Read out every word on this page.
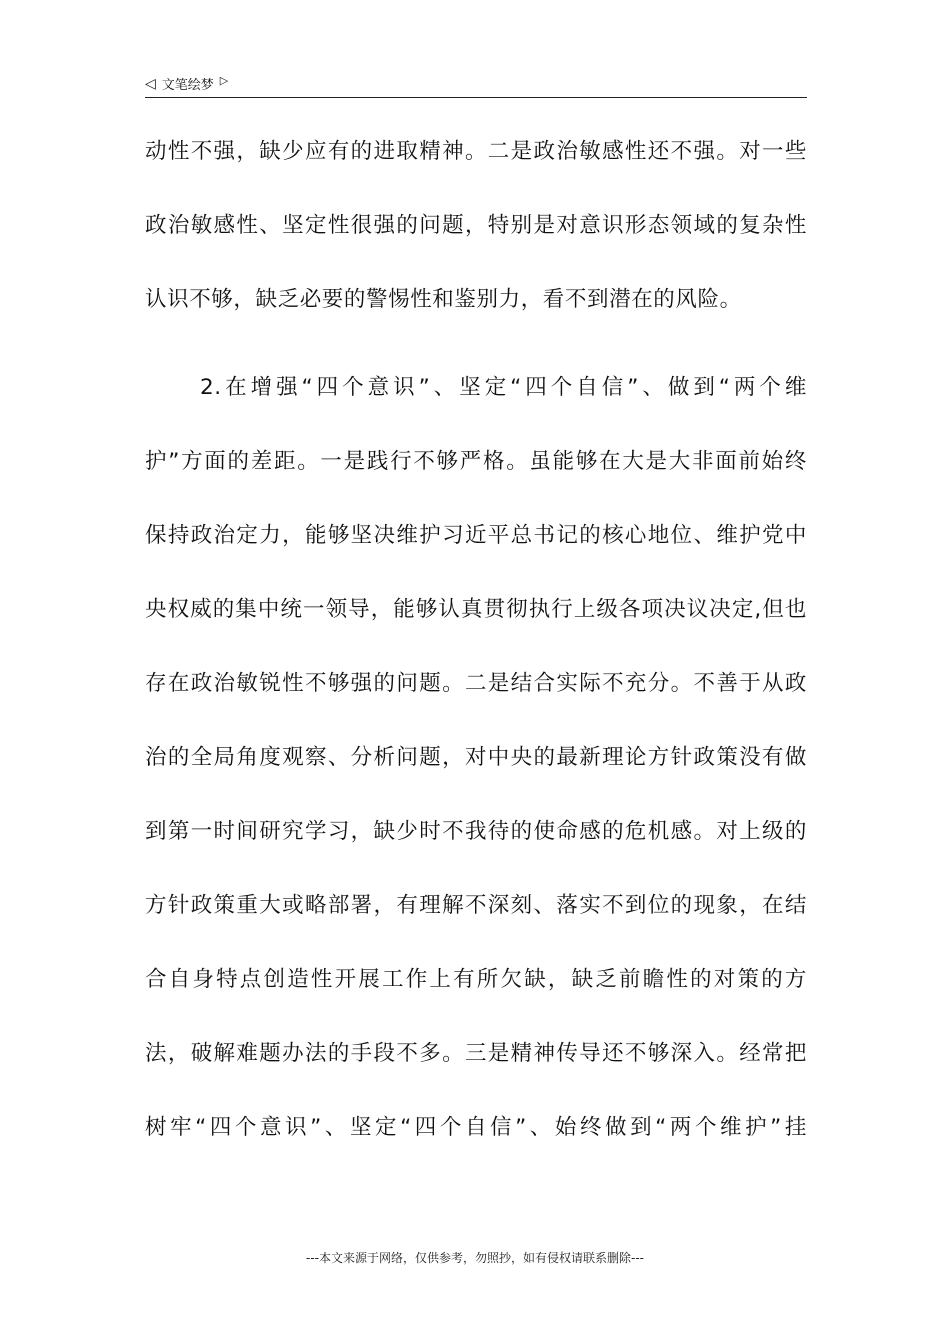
◁ 文笔绘梦 ▷
动性不强，缺少应有的进取精神。二是政治敏感性还不强。对一些
政治敏感性、坚定性很强的问题，特别是对意识形态领域的复杂性
认识不够，缺乏必要的警惕性和鉴别力，看不到潜在的风险。
2.在增强“四个意识”、坚定“四个自信”、做到“两个维
护”方面的差距。一是践行不够严格。虽能够在大是大非面前始终
保持政治定力，能够坚决维护习近平总书记的核心地位、维护党中
央权威的集中统一领导，能够认真贯彻执行上级各项决议决定,但也
存在政治敏锐性不够强的问题。二是结合实际不充分。不善于从政
治的全局角度观察、分析问题，对中央的最新理论方针政策没有做
到第一时间研究学习，缺少时不我待的使命感的危机感。对上级的
方针政策重大或略部署，有理解不深刻、落实不到位的现象，在结
合自身特点创造性开展工作上有所欠缺，缺乏前瞻性的对策的方
法，破解难题办法的手段不多。三是精神传导还不够深入。经常把
树牢“四个意识”、坚定“四个自信”、始终做到“两个维护”挂
---本文来源于网络，仅供参考，勿照抄，如有侵权请联系删除---
